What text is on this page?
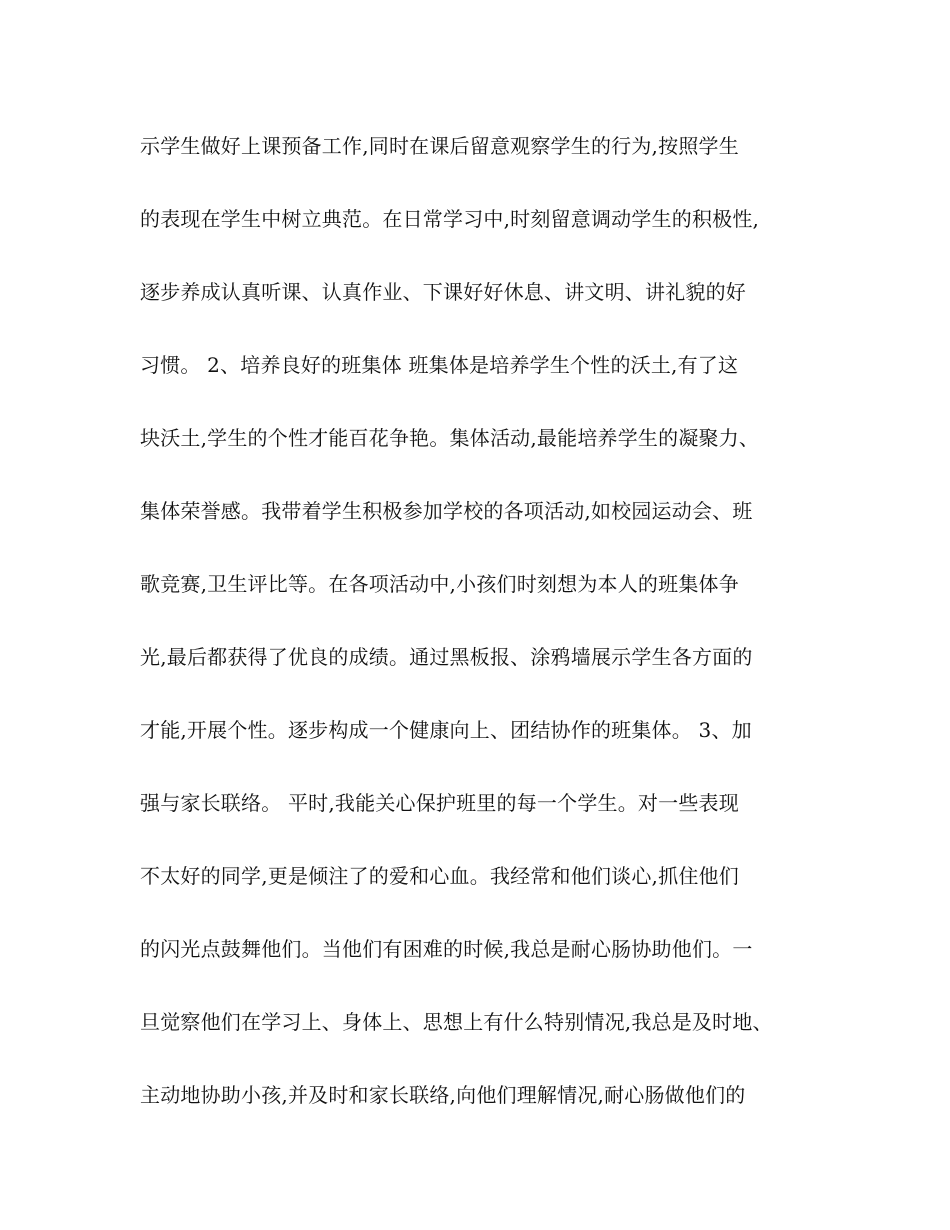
示学生做好上课预备工作,同时在课后留意观察学生的行为,按照学生
的表现在学生中树立典范。在日常学习中,时刻留意调动学生的积极性,
逐步养成认真听课、认真作业、下课好好休息、讲文明、讲礼貌的好
习惯。 2、培养良好的班集体 班集体是培养学生个性的沃土,有了这
块沃土,学生的个性才能百花争艳。集体活动,最能培养学生的凝聚力、
集体荣誉感。我带着学生积极参加学校的各项活动,如校园运动会、班
歌竞赛,卫生评比等。在各项活动中,小孩们时刻想为本人的班集体争
光,最后都获得了优良的成绩。通过黑板报、涂鸦墙展示学生各方面的
才能,开展个性。逐步构成一个健康向上、团结协作的班集体。 3、加
强与家长联络。 平时,我能关心保护班里的每一个学生。对一些表现
不太好的同学,更是倾注了的爱和心血。我经常和他们谈心,抓住他们
的闪光点鼓舞他们。当他们有困难的时候,我总是耐心肠协助他们。一
旦觉察他们在学习上、身体上、思想上有什么特别情况,我总是及时地、
主动地协助小孩,并及时和家长联络,向他们理解情况,耐心肠做他们的
